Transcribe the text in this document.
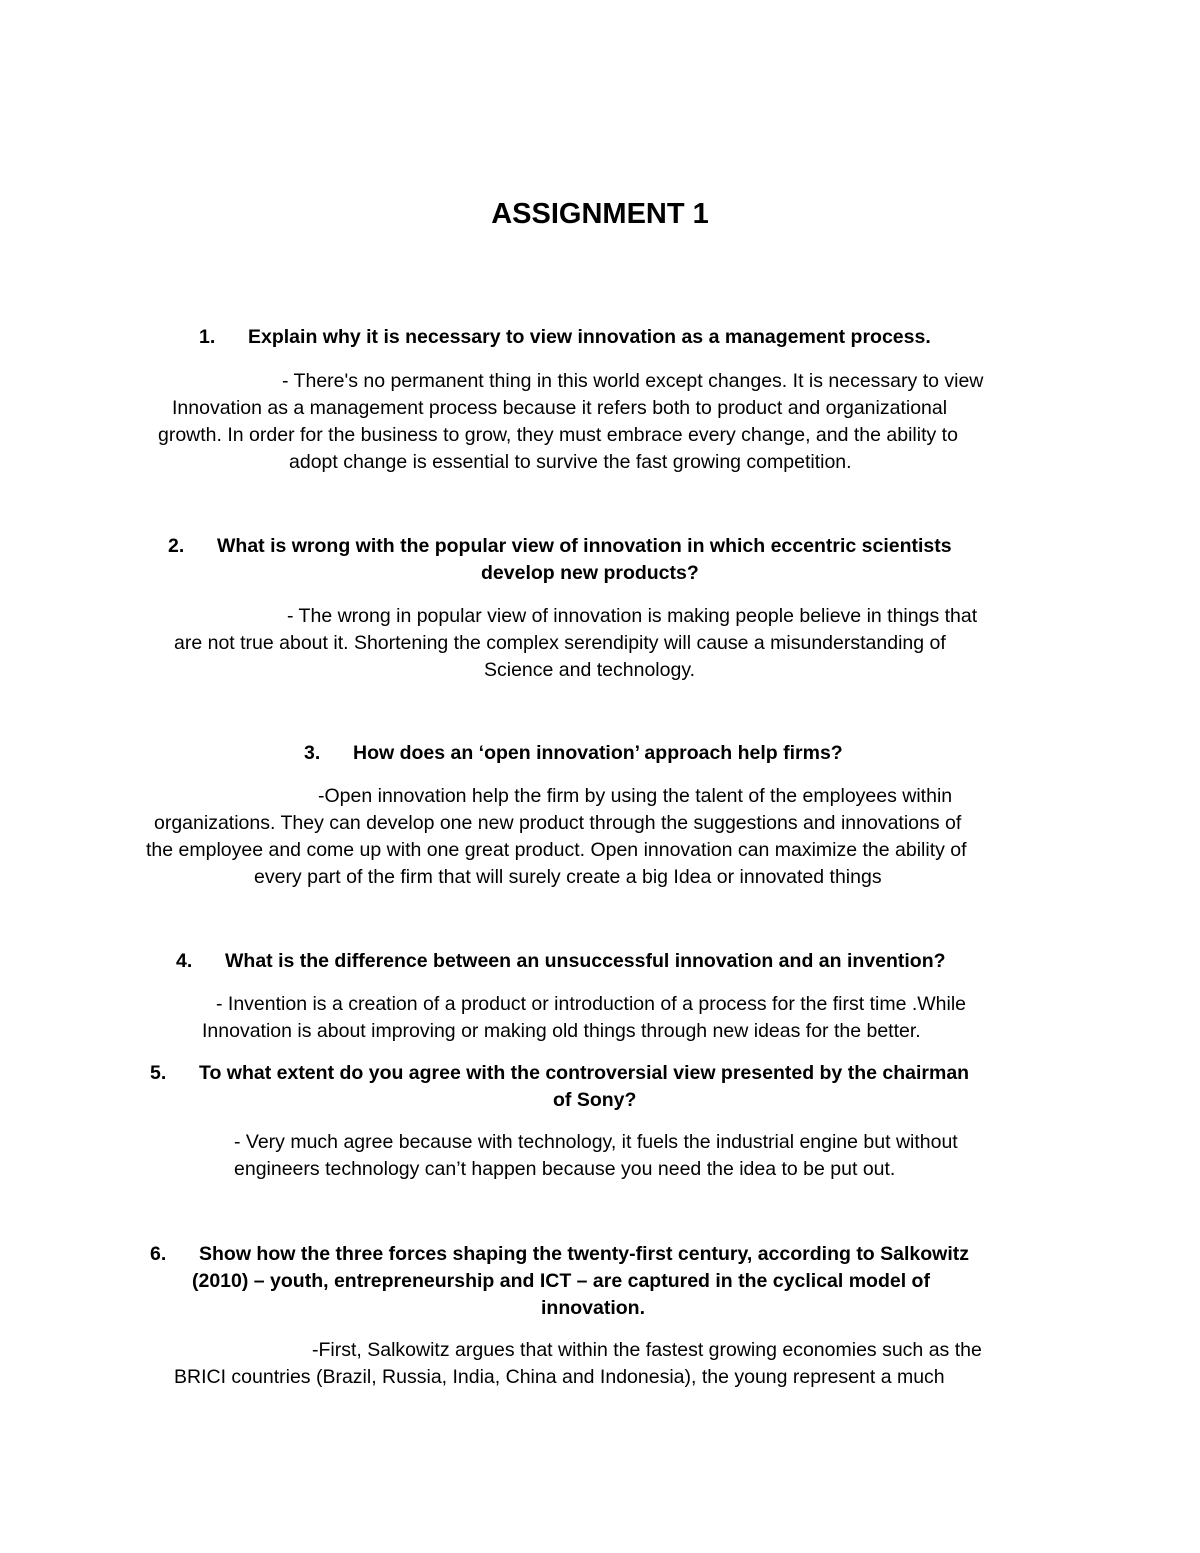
ASSIGNMENT 1
1. Explain why it is necessary to view innovation as a management process.
- There's no permanent thing in this world except changes. It is necessary to view
Innovation as a management process because it refers both to product and organizational
growth. In order for the business to grow, they must embrace every change, and the ability to
adopt change is essential to survive the fast growing competition.
2. What is wrong with the popular view of innovation in which eccentric scientists
develop new products?
- The wrong in popular view of innovation is making people believe in things that
are not true about it. Shortening the complex serendipity will cause a misunderstanding of
Science and technology.
3. How does an ‘open innovation’ approach help firms?
-Open innovation help the firm by using the talent of the employees within
organizations. They can develop one new product through the suggestions and innovations of
the employee and come up with one great product. Open innovation can maximize the ability of
every part of the firm that will surely create a big Idea or innovated things
4. What is the difference between an unsuccessful innovation and an invention?
- Invention is a creation of a product or introduction of a process for the first time .While
Innovation is about improving or making old things through new ideas for the better.
5. To what extent do you agree with the controversial view presented by the chairman
of Sony?
- Very much agree because with technology, it fuels the industrial engine but without
engineers technology can’t happen because you need the idea to be put out.
6. Show how the three forces shaping the twenty-first century, according to Salkowitz
(2010) – youth, entrepreneurship and ICT – are captured in the cyclical model of
innovation.
-First, Salkowitz argues that within the fastest growing economies such as the
BRICI countries (Brazil, Russia, India, China and Indonesia), the young represent a much
